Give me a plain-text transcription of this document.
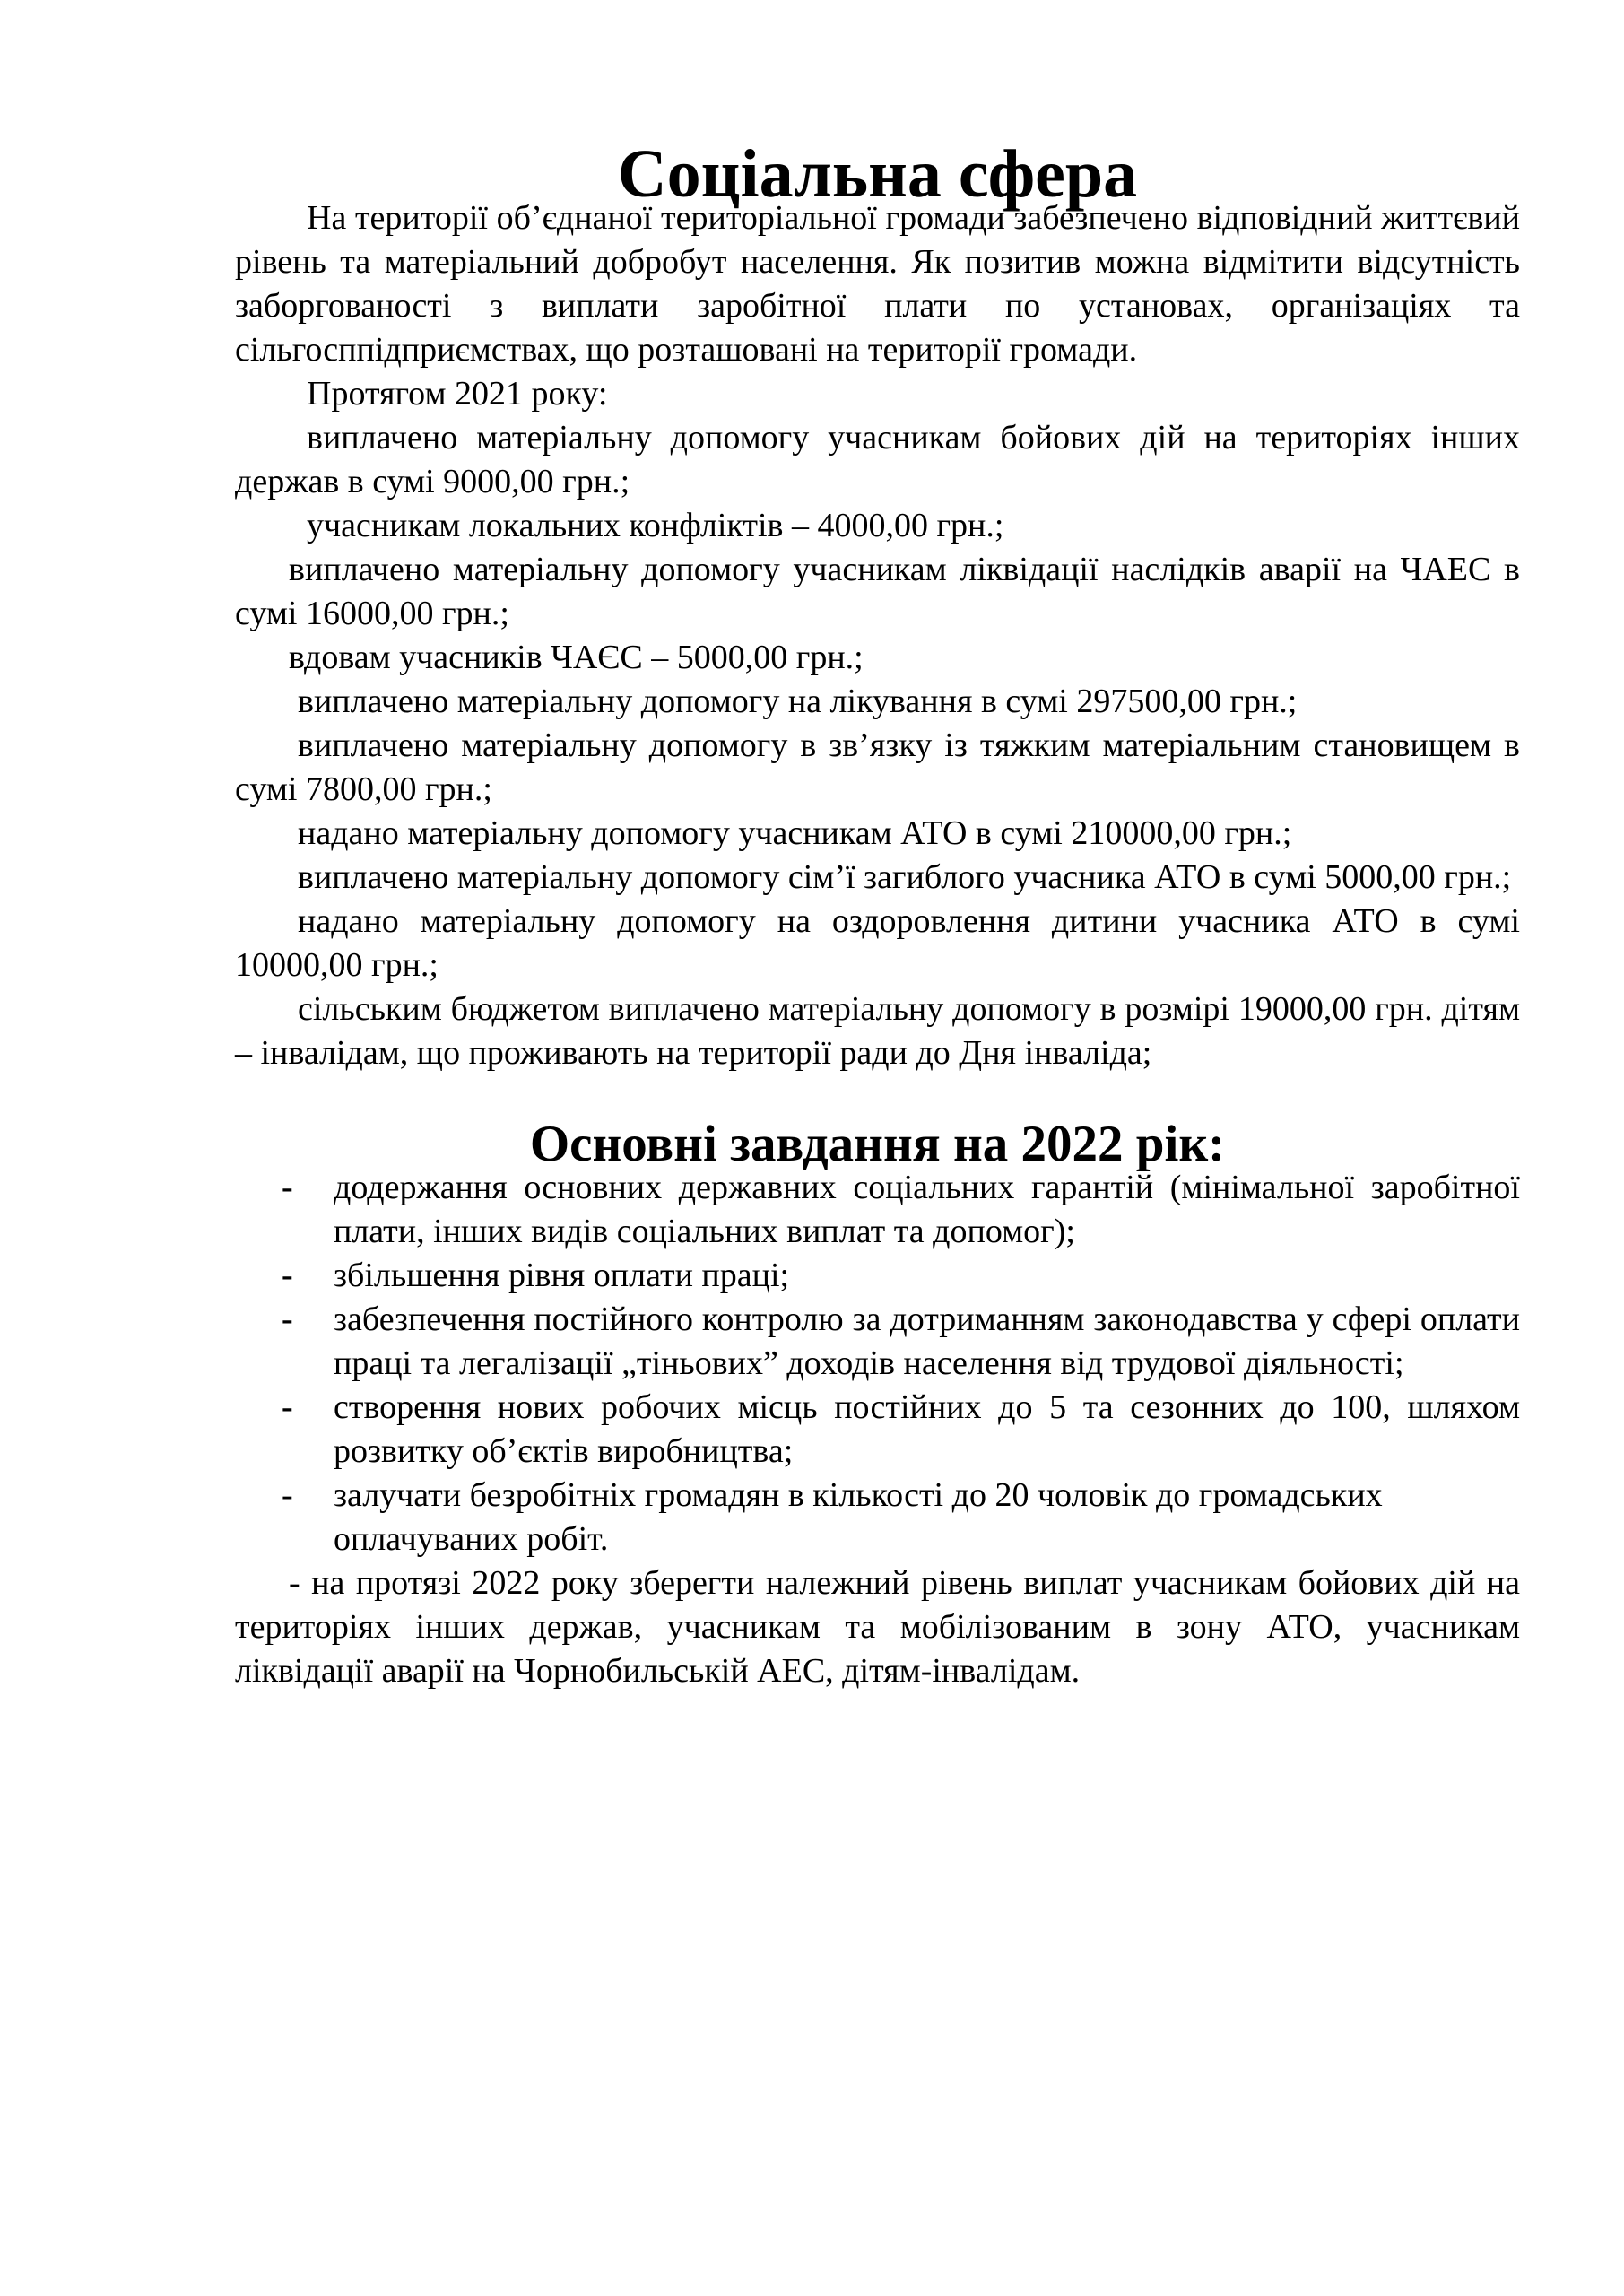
Соціальна сфера

На території об’єднаної територіальної громади забезпечено відповідний життєвий рівень та матеріальний добробут населення. Як позитив можна відмітити відсутність заборгованості з виплати заробітної плати по установах, організаціях та сільгосппідприємствах, що розташовані на території громади.

Протягом 2021 року:

виплачено матеріальну допомогу учасникам бойових дій на територіях інших держав в сумі 9000,00 грн.;

учасникам локальних конфліктів – 4000,00 грн.;

виплачено матеріальну допомогу учасникам ліквідації наслідків аварії на ЧАЕС в сумі 16000,00 грн.;

вдовам учасників ЧАЄС – 5000,00 грн.;

виплачено матеріальну допомогу на лікування в сумі 297500,00 грн.;

виплачено матеріальну допомогу в зв’язку із тяжким матеріальним становищем в сумі 7800,00 грн.;

надано матеріальну допомогу учасникам АТО в сумі 210000,00 грн.;

виплачено матеріальну допомогу сім’ї загиблого учасника АТО в сумі 5000,00 грн.;

надано матеріальну допомогу на оздоровлення дитини учасника АТО в сумі 10000,00 грн.;

сільським бюджетом виплачено матеріальну допомогу в розмірі 19000,00 грн. дітям – інвалідам, що проживають на території ради до Дня інваліда;

Основні завдання на 2022 рік:
- додержання основних державних соціальних гарантій (мінімальної заробітної плати, інших видів соціальних виплат та допомог);
- збільшення рівня оплати праці;
- забезпечення постійного контролю за дотриманням законодавства у сфері оплати праці та легалізації „тіньових” доходів населення від трудової діяльності;
- створення нових робочих місць постійних до 5 та сезонних до 100, шляхом розвитку об’єктів виробництва;
- залучати безробітніх громадян в кількості до 20 чоловік до громадських оплачуваних робіт.

- на протязі 2022 року зберегти належний рівень виплат учасникам бойових дій на територіях інших держав, учасникам та мобілізованим в зону АТО, учасникам ліквідації аварії на Чорнобильській АЕС, дітям-інвалідам.
